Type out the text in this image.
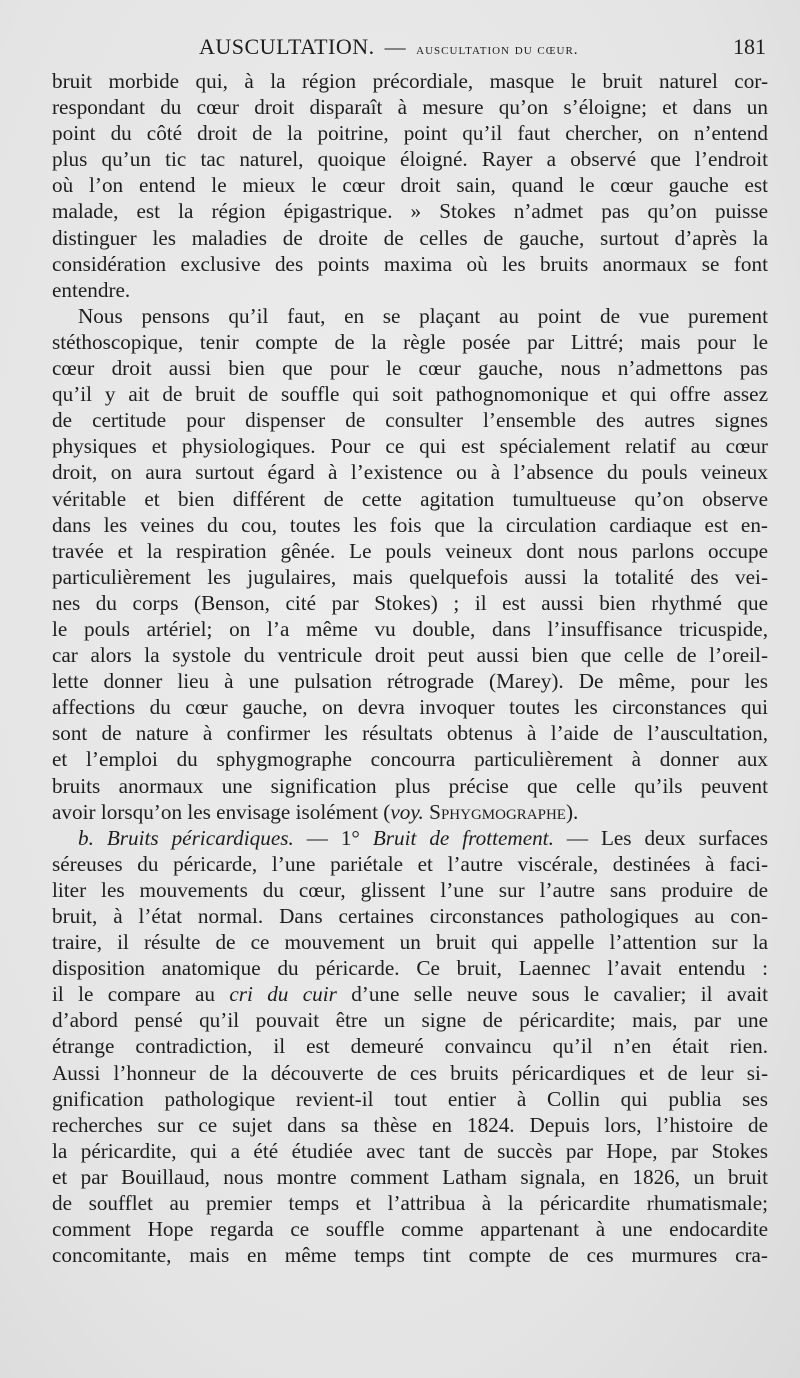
AUSCULTATION. — auscultation du cœur.	181
bruit morbide qui, à la région précordiale, masque le bruit naturel cor-
respondant du cœur droit disparaît à mesure qu’on s’éloigne; et dans un
point du côté droit de la poitrine, point qu’il faut chercher, on n’entend
plus qu’un tic tac naturel, quoique éloigné. Rayer a observé que l’endroit
où l’on entend le mieux le cœur droit sain, quand le cœur gauche est
malade, est la région épigastrique. » Stokes n’admet pas qu’on puisse
distinguer les maladies de droite de celles de gauche, surtout d’après la
considération exclusive des points maxima où les bruits anormaux se font
entendre.
Nous pensons qu’il faut, en se plaçant au point de vue purement
stéthoscopique, tenir compte de la règle posée par Littré; mais pour le
cœur droit aussi bien que pour le cœur gauche, nous n’admettons pas
qu’il y ait de bruit de souffle qui soit pathognomonique et qui offre assez
de certitude pour dispenser de consulter l’ensemble des autres signes
physiques et physiologiques. Pour ce qui est spécialement relatif au cœur
droit, on aura surtout égard à l’existence ou à l’absence du pouls veineux
véritable et bien différent de cette agitation tumultueuse qu’on observe
dans les veines du cou, toutes les fois que la circulation cardiaque est en-
travée et la respiration gênée. Le pouls veineux dont nous parlons occupe
particulièrement les jugulaires, mais quelquefois aussi la totalité des vei-
nes du corps (Benson, cité par Stokes) ; il est aussi bien rhythmé que
le pouls artériel; on l’a même vu double, dans l’insuffisance tricuspide,
car alors la systole du ventricule droit peut aussi bien que celle de l’oreil-
lette donner lieu à une pulsation rétrograde (Marey). De même, pour les
affections du cœur gauche, on devra invoquer toutes les circonstances qui
sont de nature à confirmer les résultats obtenus à l’aide de l’auscultation,
et l’emploi du sphygmographe concourra particulièrement à donner aux
bruits anormaux une signification plus précise que celle qu’ils peuvent
avoir lorsqu’on les envisage isolément (voy. Sphygmographe).
b. Bruits péricardiques. — 1° Bruit de frottement. — Les deux surfaces
séreuses du péricarde, l’une pariétale et l’autre viscérale, destinées à faci-
liter les mouvements du cœur, glissent l’une sur l’autre sans produire de
bruit, à l’état normal. Dans certaines circonstances pathologiques au con-
traire, il résulte de ce mouvement un bruit qui appelle l’attention sur la
disposition anatomique du péricarde. Ce bruit, Laennec l’avait entendu :
il le compare au cri du cuir d’une selle neuve sous le cavalier; il avait
d’abord pensé qu’il pouvait être un signe de péricardite; mais, par une
étrange contradiction, il est demeuré convaincu qu’il n’en était rien.
Aussi l’honneur de la découverte de ces bruits péricardiques et de leur si-
gnification pathologique revient-il tout entier à Collin qui publia ses
recherches sur ce sujet dans sa thèse en 1824. Depuis lors, l’histoire de
la péricardite, qui a été étudiée avec tant de succès par Hope, par Stokes
et par Bouillaud, nous montre comment Latham signala, en 1826, un bruit
de soufflet au premier temps et l’attribua à la péricardite rhumatismale;
comment Hope regarda ce souffle comme appartenant à une endocardite
concomitante, mais en même temps tint compte de ces murmures cra-
